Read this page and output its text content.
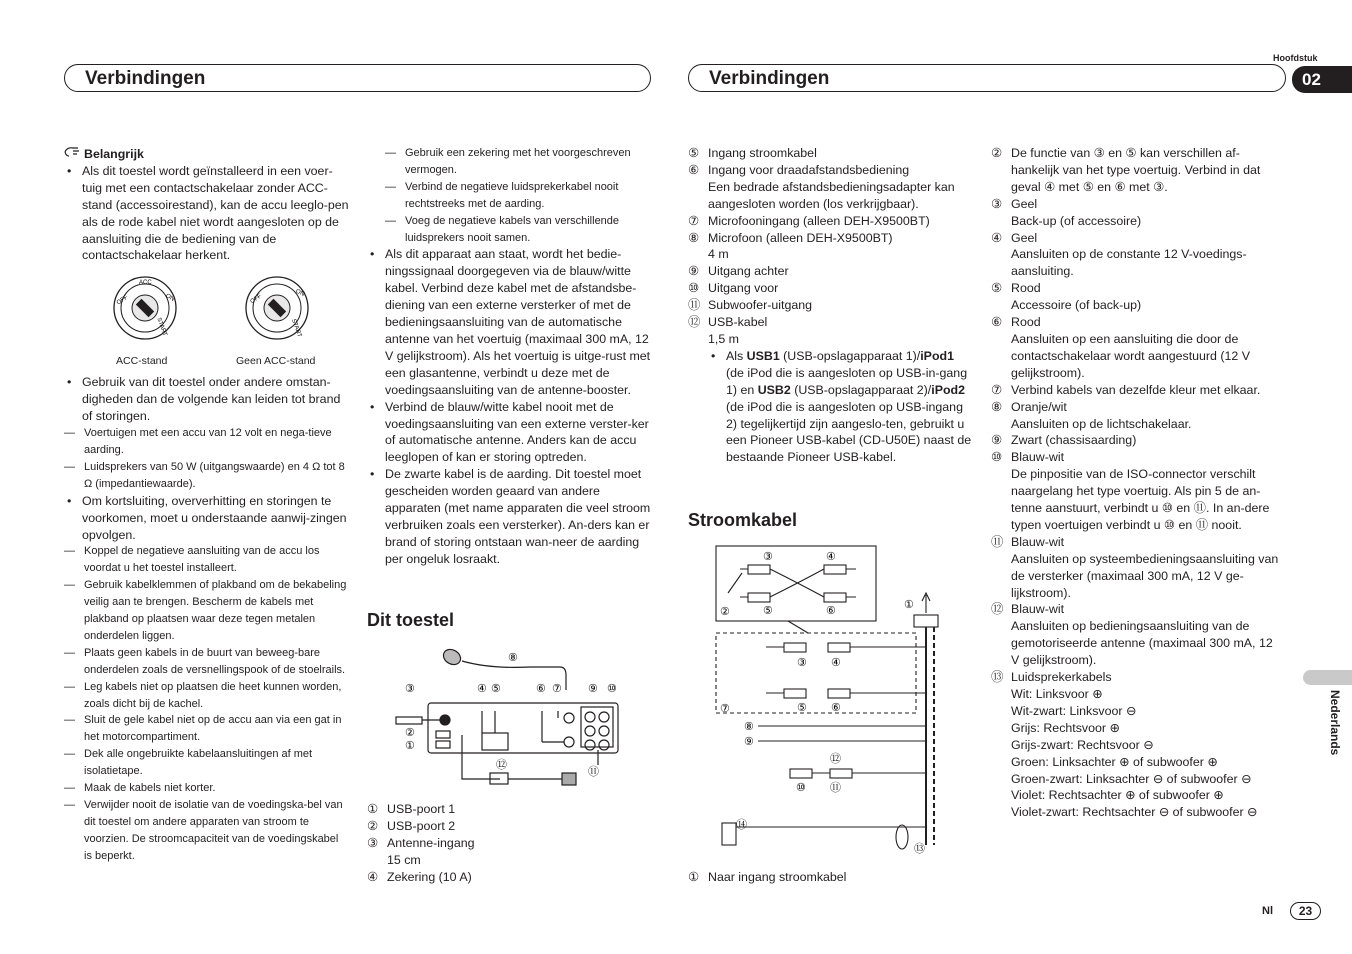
Hoofdstuk
02
Verbindingen	Verbindingen
Nederlands
Nl	23

Belangrijk

• Als dit toestel wordt geïnstalleerd in een voer-tuig met een contactschakelaar zonder ACC-stand (accessoirestand), kan de accu leeglo-pen als de rode kabel niet wordt aangesloten op de aansluiting die de bediening van de contactschakelaar herkent.

OFF
ACC
ON
START
OFF
ON
START
ACC-stand	Geen ACC-stand

• Gebruik van dit toestel onder andere omstan-digheden dan de volgende kan leiden tot brand of storingen.

— Voertuigen met een accu van 12 volt en nega-tieve aarding.

— Luidsprekers van 50 W (uitgangswaarde) en 4 Ω tot 8 Ω (impedantiewaarde).

• Om kortsluiting, oververhitting en storingen te voorkomen, moet u onderstaande aanwij-zingen opvolgen.

— Koppel de negatieve aansluiting van de accu los voordat u het toestel installeert.

— Gebruik kabelklemmen of plakband om de bekabeling veilig aan te brengen. Bescherm de kabels met plakband op plaatsen waar deze tegen metalen onderdelen liggen.

— Plaats geen kabels in de buurt van beweeg-bare onderdelen zoals de versnellingspook of de stoelrails.

— Leg kabels niet op plaatsen die heet kunnen worden, zoals dicht bij de kachel.

— Sluit de gele kabel niet op de accu aan via een gat in het motorcompartiment.

— Dek alle ongebruikte kabelaansluitingen af met isolatietape.

— Maak de kabels niet korter.

— Verwijder nooit de isolatie van de voedingska-bel van dit toestel om andere apparaten van stroom te voorzien. De stroomcapaciteit van de voedingskabel is beperkt.

— Gebruik een zekering met het voorgeschreven vermogen.

— Verbind de negatieve luidsprekerkabel nooit rechtstreeks met de aarding.

— Voeg de negatieve kabels van verschillende luidsprekers nooit samen.

• Als dit apparaat aan staat, wordt het bedie-ningssignaal doorgegeven via de blauw/witte kabel. Verbind deze kabel met de afstandsbe-diening van een externe versterker of met de bedieningsaansluiting van de automatische antenne van het voertuig (maximaal 300 mA, 12 V gelijkstroom). Als het voertuig is uitge-rust met een glasantenne, verbindt u deze met de voedingsaansluiting van de antenne-booster.

• Verbind de blauw/witte kabel nooit met de voedingsaansluiting van een externe verster-ker of automatische antenne. Anders kan de accu leeglopen of kan er storing optreden.

• De zwarte kabel is de aarding. Dit toestel moet gescheiden worden geaard van andere apparaten (met name apparaten die veel stroom verbruiken zoals een versterker). An-ders kan er brand of storing ontstaan wan-neer de aarding per ongeluk losraakt.

Dit toestel
⑧
③	④ ⑤	⑥ ⑦ ⑨ ⑩
②
①
⑫
⑪

① USB-poort 1

② USB-poort 2

③ Antenne-ingang

15 cm

④ Zekering (10 A)

⑤ Ingang stroomkabel

⑥ Ingang voor draadafstandsbediening

Een bedrade afstandsbedieningsadapter kan aangesloten worden (los verkrijgbaar).

⑦ Microfooningang (alleen DEH-X9500BT)

⑧ Microfoon (alleen DEH-X9500BT)

4 m

⑨ Uitgang achter

⑩ Uitgang voor

⑪ Subwoofer-uitgang

⑫ USB-kabel

1,5 m

• Als USB1 (USB-opslagapparaat 1)/iPod1 (de iPod die is aangesloten op USB-in-gang 1) en USB2 (USB-opslagapparaat 2)/iPod2 (de iPod die is aangesloten op USB-ingang 2) tegelijkertijd zijn aangeslo-ten, gebruikt u een Pioneer USB-kabel (CD-U50E) naast de bestaande Pioneer USB-kabel.

Stroomkabel
③	④
②	⑤	⑥	①
③ ④
⑦	⑤ ⑥
⑧
⑨
⑫
⑩ ⑪
⑭
⑬

① Naar ingang stroomkabel

② De functie van ③ en ⑤ kan verschillen af-hankelijk van het type voertuig. Verbind in dat geval ④ met ⑤ en ⑥ met ③.

③ Geel

Back-up (of accessoire)

④ Geel

Aansluiten op de constante 12 V-voedings-aansluiting.

⑤ Rood

Accessoire (of back-up)

⑥ Rood

Aansluiten op een aansluiting die door de contactschakelaar wordt aangestuurd (12 V gelijkstroom).

⑦ Verbind kabels van dezelfde kleur met elkaar.

⑧ Oranje/wit

Aansluiten op de lichtschakelaar.

⑨ Zwart (chassisaarding)

⑩ Blauw-wit

De pinpositie van de ISO-connector verschilt naargelang het type voertuig. Als pin 5 de an-tenne aanstuurt, verbindt u ⑩ en ⑪. In an-dere typen voertuigen verbindt u ⑩ en ⑪ nooit.

⑪ Blauw-wit

Aansluiten op systeembedieningsaansluiting van de versterker (maximaal 300 mA, 12 V ge-lijkstroom).

⑫ Blauw-wit

Aansluiten op bedieningsaansluiting van de gemotoriseerde antenne (maximaal 300 mA, 12 V gelijkstroom).

⑬ Luidsprekerkabels

Wit: Linksvoor ⊕

Wit-zwart: Linksvoor ⊖

Grijs: Rechtsvoor ⊕

Grijs-zwart: Rechtsvoor ⊖

Groen: Linksachter ⊕ of subwoofer ⊕

Groen-zwart: Linksachter ⊖ of subwoofer ⊖

Violet: Rechtsachter ⊕ of subwoofer ⊕

Violet-zwart: Rechtsachter ⊖ of subwoofer ⊖
